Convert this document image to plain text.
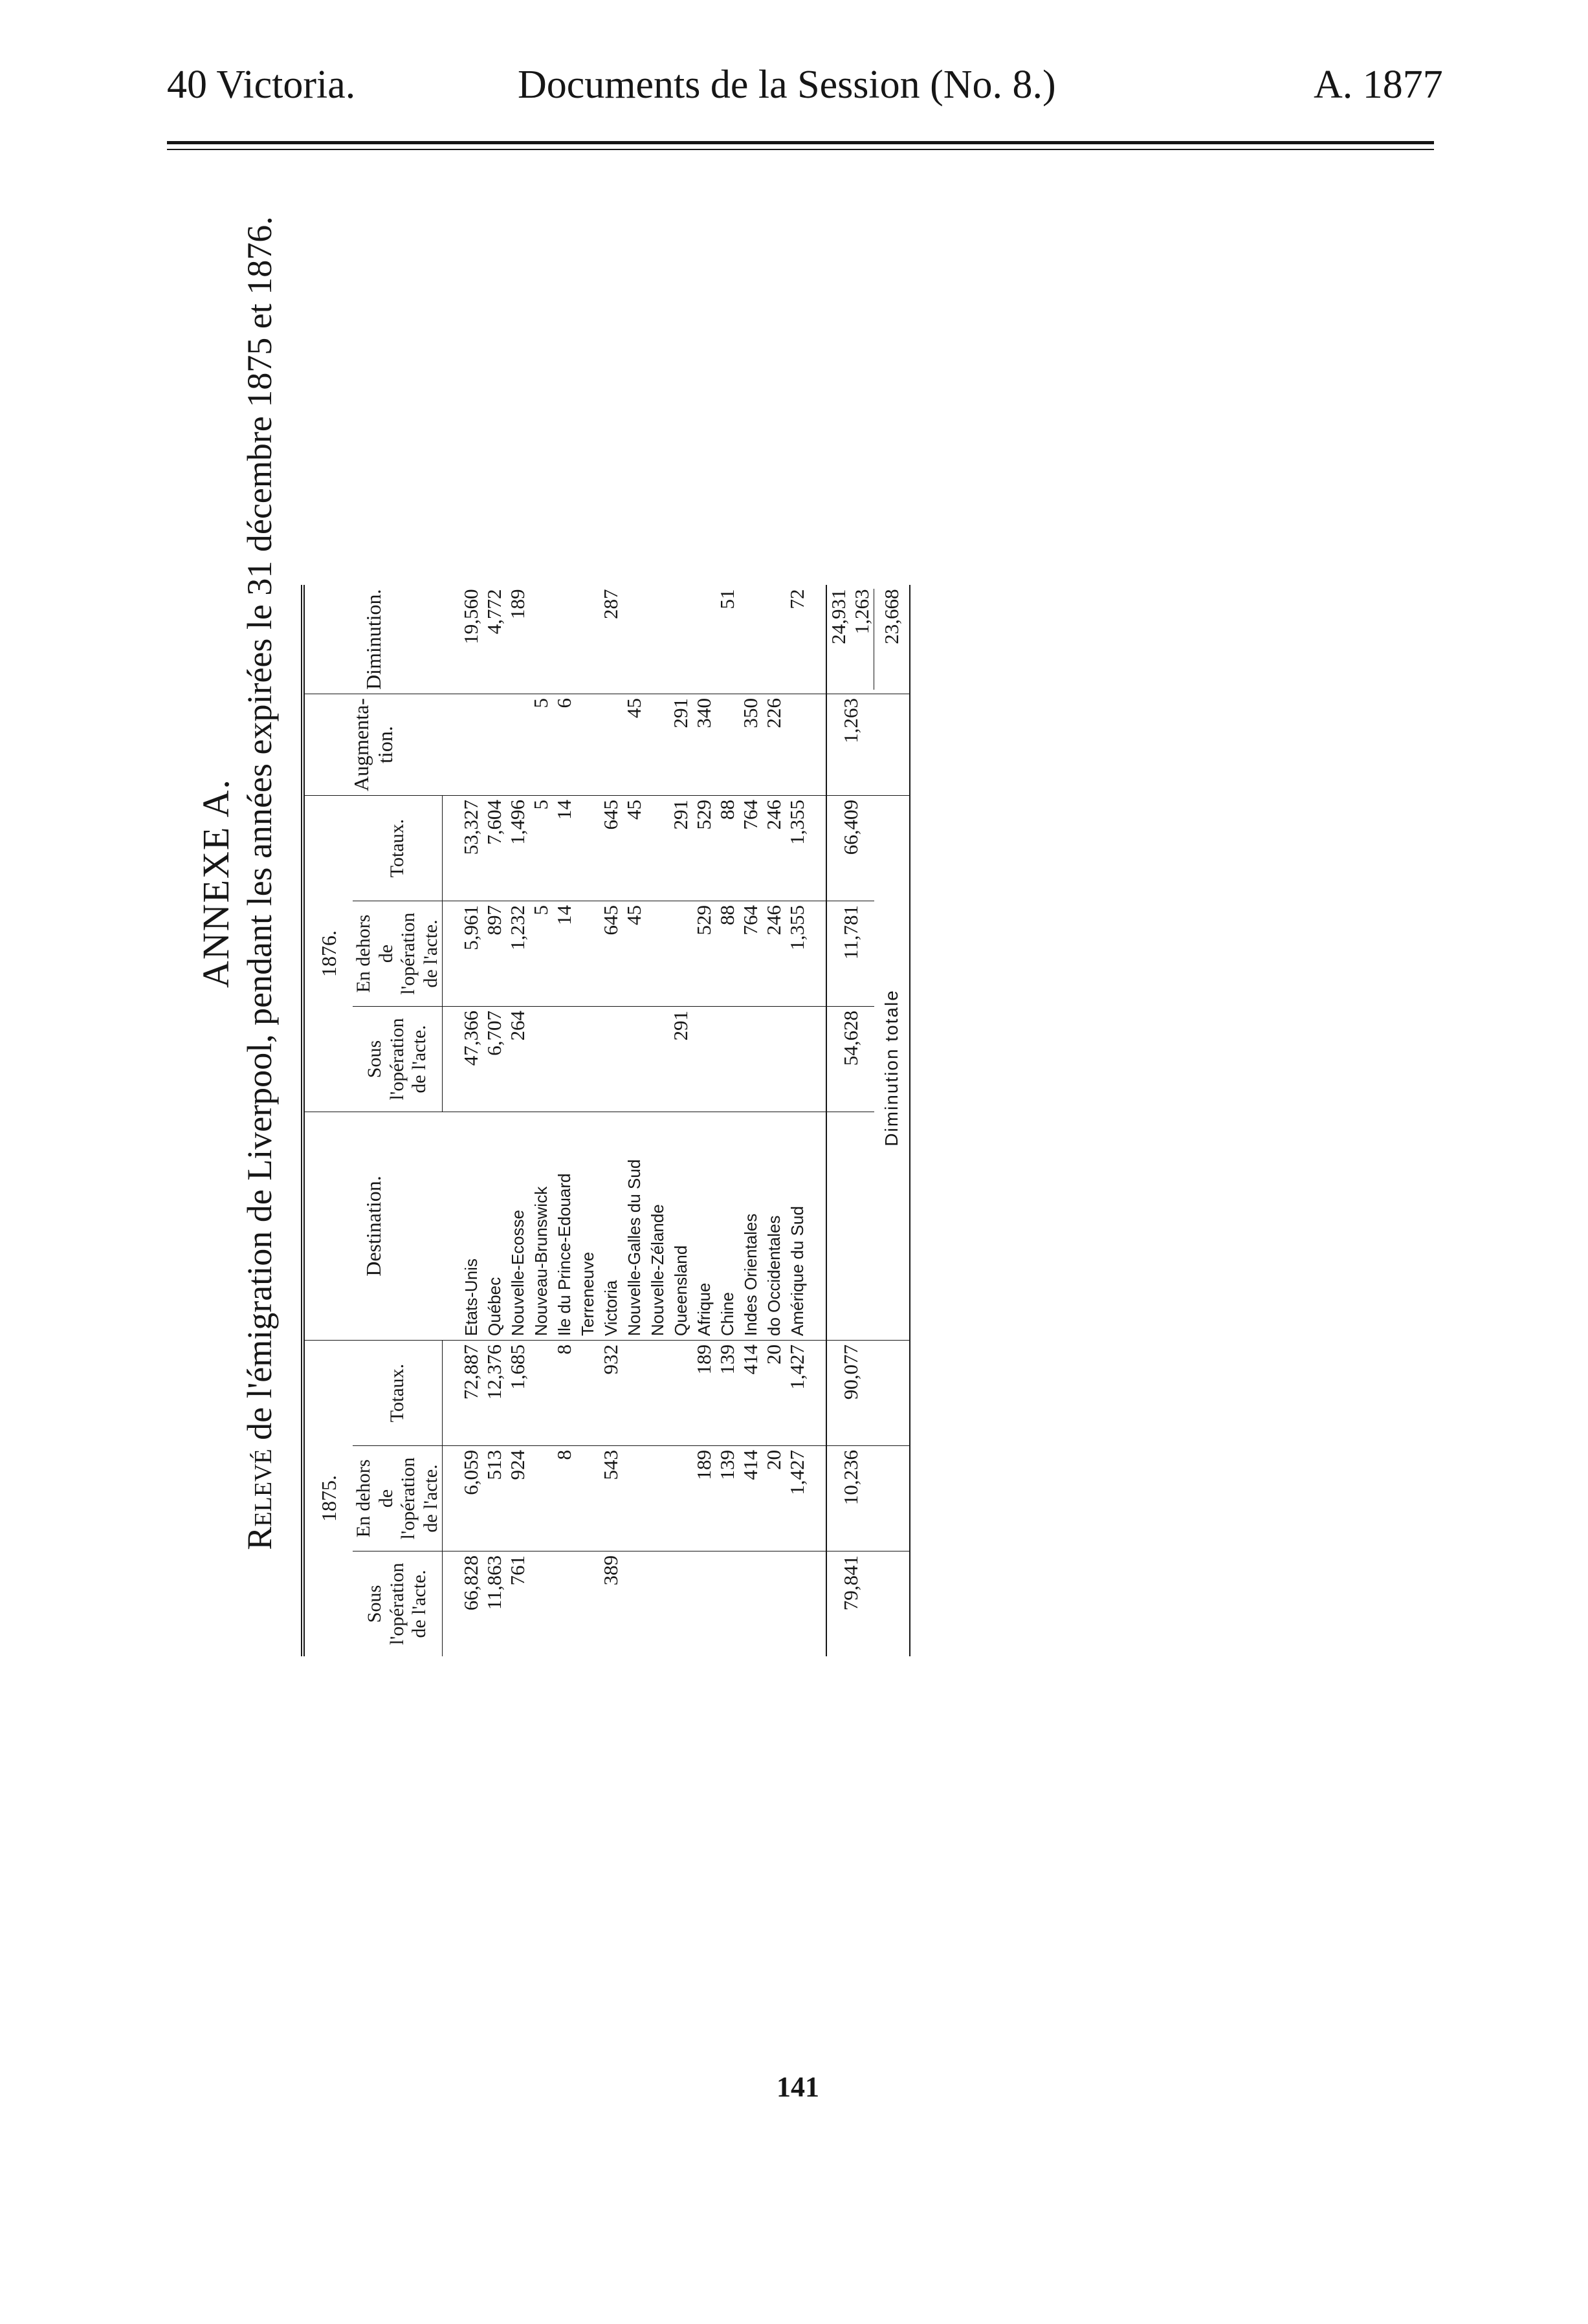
40 Victoria.	Documents de la Session (No. 8.)	A. 1877
ANNEXE A.
Relevé de l'émigration de Liverpool, pendant les années expirées le 31 décembre 1875 et 1876.
1875.			Destination.	1876.			Augmenta-tion.	Diminution.
Sous l'opération de l'acte.	En dehors de l'opération de l'acte.	Totaux.		Sous l'opération de l'acte.	En dehors de l'opération de l'acte.	Totaux.		

66,828	6,059	72,887	Etats-Unis	47,366	5,961	53,327		19,560
11,863	513	12,376	Québec	6,707	897	7,604		4,772
761	924	1,685	Nouvelle-Ecosse	264	1,232	1,496		189
			Nouveau-Brunswick		5	5	5	
	8	8	Ile du Prince-Edouard		14	14	6	
			Terreneuve					
389	543	932	Victoria		645	645		287
			Nouvelle-Galles du Sud		45	45	45	
			Nouvelle-Zélande					
			Queensland	291		291	291	
	189	189	Afrique		529	529	340	
	139	139	Chine		88	88		51
	414	414	Indes Orientales		764	764	350	
	20	20	do Occidentales		246	246	226	
	1,427	1,427	Amérique du Sud		1,355	1,355		72

79,841	10,236	90,077		54,628	11,781	66,409	1,263	24,931 1,263

			Diminution totale					23,668
141
